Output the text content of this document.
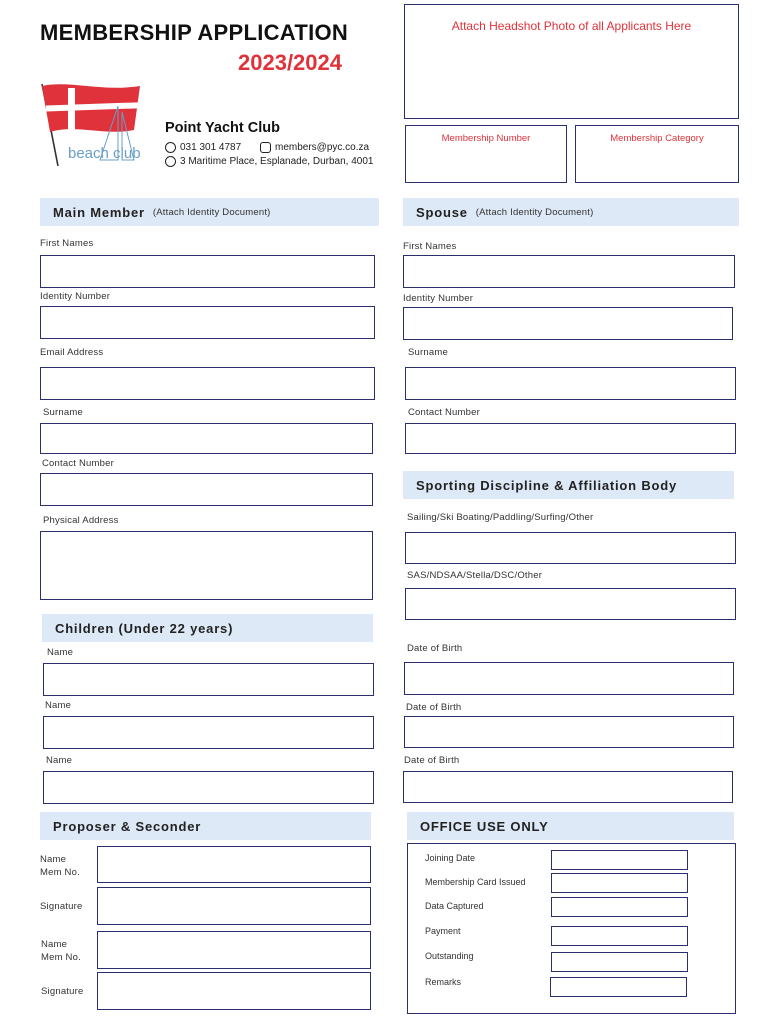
MEMBERSHIP APPLICATION
2023/2024
beach club
Point Yacht Club
031 301 4787	members@pyc.co.za
3 Maritime Place, Esplanade, Durban, 4001
Attach Headshot Photo of all Applicants Here
Membership Number	Membership Category
Main Member (Attach Identity Document)
First Names
Identity Number
Email Address
Surname
Contact Number
Physical Address
Spouse (Attach Identity Document)
First Names
Identity Number
Surname
Contact Number
Sporting Discipline & Affiliation Body
Sailing/Ski Boating/Paddling/Surfing/Other
SAS/NDSAA/Stella/DSC/Other
Children (Under 22 years)
Name	Date of Birth
Name	Date of Birth
Name	Date of Birth
Proposer & Seconder
Name
Mem No.
Signature
Name
Mem No.
Signature
OFFICE USE ONLY
Joining Date
Membership Card Issued
Data Captured
Payment
Outstanding
Remarks
